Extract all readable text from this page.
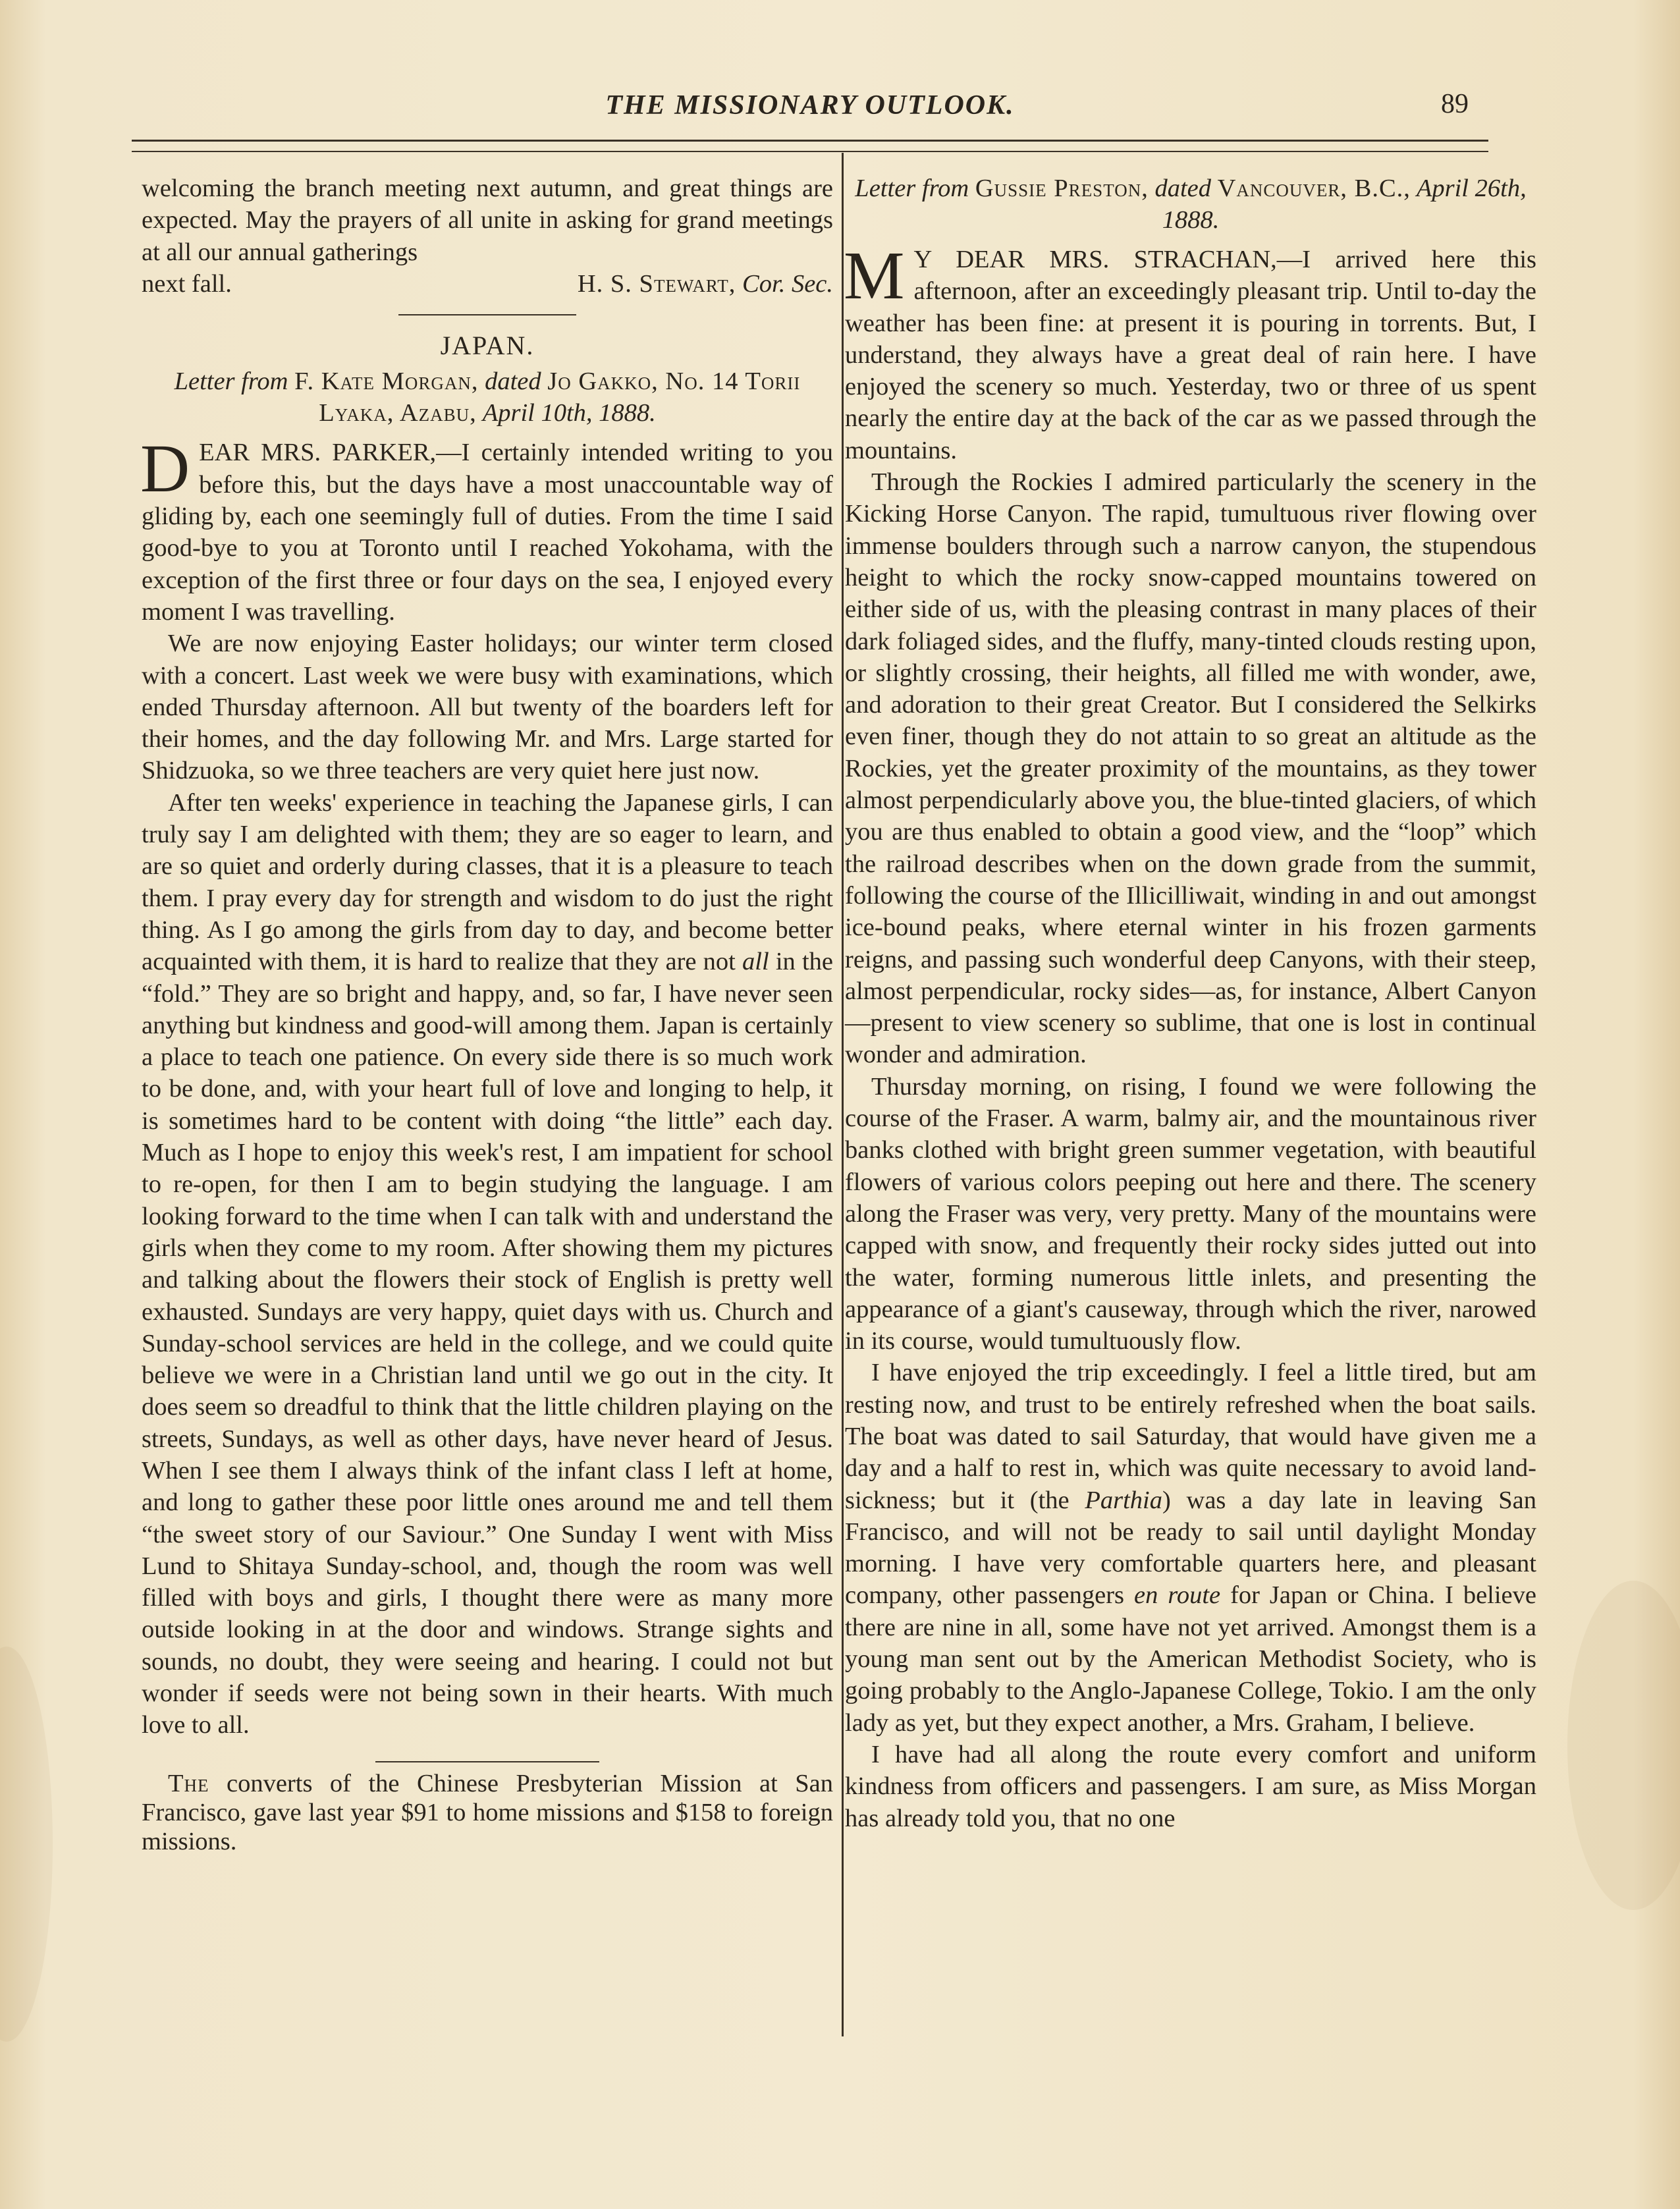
THE MISSIONARY OUTLOOK.	89

welcoming the branch meeting next autumn, and great things are expected. May the prayers of all unite in asking for grand meetings at all our annual gatherings

next fall.	H. S. Stewart, Cor. Sec.
JAPAN.
Letter from F. Kate Morgan, dated Jo Gakko, No. 14 Torii Lyaka, Azabu, April 10th, 1888.

DEAR MRS. PARKER,—I certainly intended writing to you before this, but the days have a most unaccountable way of gliding by, each one seemingly full of duties. From the time I said good-bye to you at Toronto until I reached Yokohama, with the exception of the first three or four days on the sea, I enjoyed every moment I was travelling.

We are now enjoying Easter holidays; our winter term closed with a concert. Last week we were busy with examinations, which ended Thursday afternoon. All but twenty of the boarders left for their homes, and the day following Mr. and Mrs. Large started for Shidzuoka, so we three teachers are very quiet here just now.

After ten weeks' experience in teaching the Japanese girls, I can truly say I am delighted with them; they are so eager to learn, and are so quiet and orderly during classes, that it is a pleasure to teach them. I pray every day for strength and wisdom to do just the right thing. As I go among the girls from day to day, and become better acquainted with them, it is hard to realize that they are not all in the “fold.” They are so bright and happy, and, so far, I have never seen anything but kindness and good-will among them. Japan is certainly a place to teach one patience. On every side there is so much work to be done, and, with your heart full of love and longing to help, it is sometimes hard to be content with doing “the little” each day. Much as I hope to enjoy this week's rest, I am impatient for school to re-open, for then I am to begin studying the language. I am looking forward to the time when I can talk with and understand the girls when they come to my room. After showing them my pictures and talking about the flowers their stock of English is pretty well exhausted. Sundays are very happy, quiet days with us. Church and Sunday-school services are held in the college, and we could quite believe we were in a Christian land until we go out in the city. It does seem so dreadful to think that the little children playing on the streets, Sundays, as well as other days, have never heard of Jesus. When I see them I always think of the infant class I left at home, and long to gather these poor little ones around me and tell them “the sweet story of our Saviour.” One Sunday I went with Miss Lund to Shitaya Sunday-school, and, though the room was well filled with boys and girls, I thought there were as many more outside looking in at the door and windows. Strange sights and sounds, no doubt, they were seeing and hearing. I could not but wonder if seeds were not being sown in their hearts. With much love to all.

The converts of the Chinese Presbyterian Mission at San Francisco, gave last year $91 to home missions and $158 to foreign missions.

Letter from Gussie Preston, dated Vancouver, B.C., April 26th, 1888.

M Y DEAR MRS. STRACHAN,—I arrived here this afternoon, after an exceedingly pleasant trip. Until to-day the weather has been fine: at present it is pouring in torrents. But, I understand, they always have a great deal of rain here. I have enjoyed the scenery so much. Yesterday, two or three of us spent nearly the entire day at the back of the car as we passed through the mountains.

Through the Rockies I admired particularly the scenery in the Kicking Horse Canyon. The rapid, tumultuous river flowing over immense boulders through such a narrow canyon, the stupendous height to which the rocky snow-capped mountains towered on either side of us, with the pleasing contrast in many places of their dark foliaged sides, and the fluffy, many-tinted clouds resting upon, or slightly crossing, their heights, all filled me with wonder, awe, and adoration to their great Creator. But I considered the Selkirks even finer, though they do not attain to so great an altitude as the Rockies, yet the greater proximity of the mountains, as they tower almost perpendicularly above you, the blue-tinted glaciers, of which you are thus enabled to obtain a good view, and the “loop” which the railroad describes when on the down grade from the summit, following the course of the Illicilliwait, winding in and out amongst ice-bound peaks, where eternal winter in his frozen garments reigns, and passing such wonderful deep Canyons, with their steep, almost perpendicular, rocky sides—as, for instance, Albert Canyon—present to view scenery so sublime, that one is lost in continual wonder and admiration.

Thursday morning, on rising, I found we were following the course of the Fraser. A warm, balmy air, and the mountainous river banks clothed with bright green summer vegetation, with beautiful flowers of various colors peeping out here and there. The scenery along the Fraser was very, very pretty. Many of the mountains were capped with snow, and frequently their rocky sides jutted out into the water, forming numerous little inlets, and presenting the appearance of a giant's causeway, through which the river, narowed in its course, would tumultuously flow.

I have enjoyed the trip exceedingly. I feel a little tired, but am resting now, and trust to be entirely refreshed when the boat sails. The boat was dated to sail Saturday, that would have given me a day and a half to rest in, which was quite necessary to avoid land-sickness; but it (the Parthia) was a day late in leaving San Francisco, and will not be ready to sail until daylight Monday morning. I have very comfortable quarters here, and pleasant company, other passengers en route for Japan or China. I believe there are nine in all, some have not yet arrived. Amongst them is a young man sent out by the American Methodist Society, who is going probably to the Anglo-Japanese College, Tokio. I am the only lady as yet, but they expect another, a Mrs. Graham, I believe.

I have had all along the route every comfort and uniform kindness from officers and passengers. I am sure, as Miss Morgan has already told you, that no one
